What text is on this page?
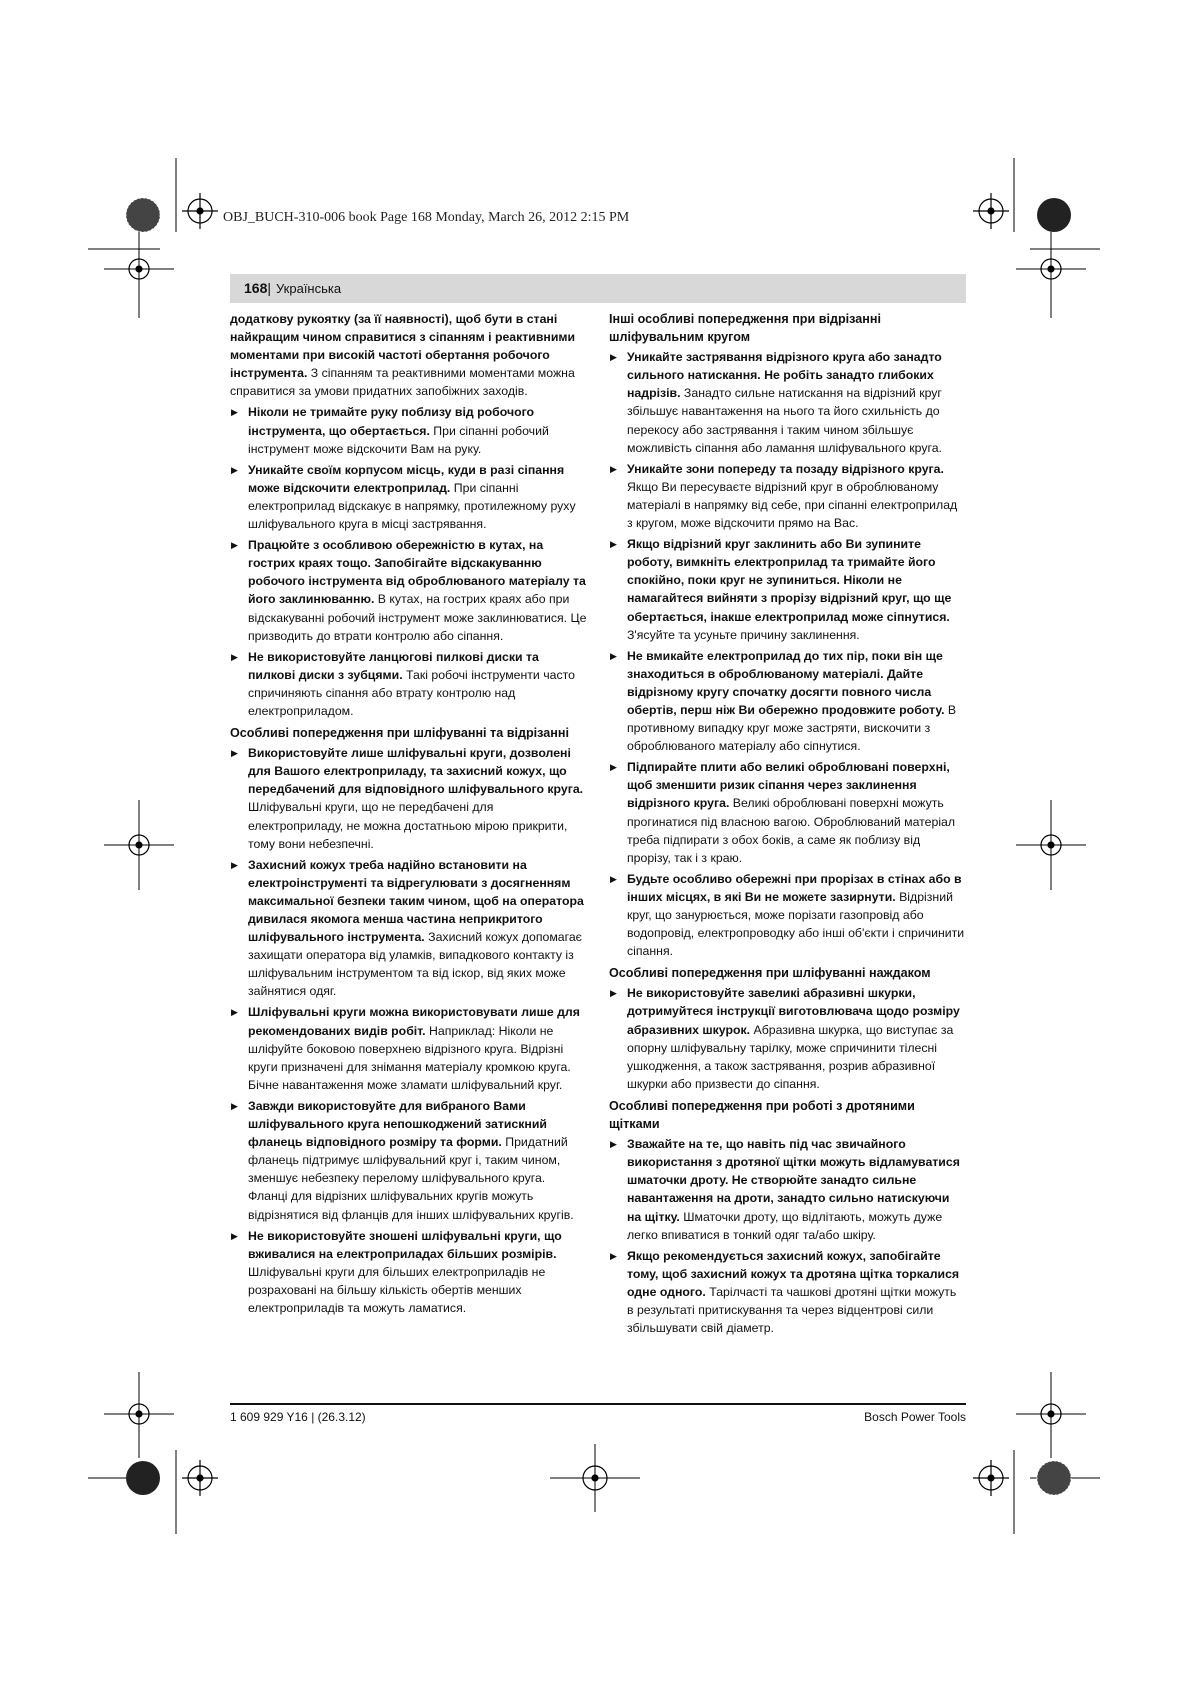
OBJ_BUCH-310-006 book Page 168 Monday, March 26, 2012 2:15 PM
168| Українська

додаткову рукоятку (за її наявності), щоб бути в стані найкращим чином справитися з сіпанням і реактивними моментами при високій частоті обертання робочого інструмента. З сіпанням та реактивними моментами можна справитися за умови придатних запобіжних заходів.

▶ Ніколи не тримайте руку поблизу від робочого інструмента, що обертається. При сіпанні робочий інструмент може відскочити Вам на руку.

▶ Уникайте своїм корпусом місць, куди в разі сіпання може відскочити електроприлад. При сіпанні електроприлад відскакує в напрямку, протилежному руху шліфувального круга в місці застрявання.

▶ Працюйте з особливою обережністю в кутах, на гострих краях тощо. Запобігайте відскакуванню робочого інструмента від оброблюваного матеріалу та його заклинюванню. В кутах, на гострих краях або при відскакуванні робочий інструмент може заклинюватися. Це призводить до втрати контролю або сіпання.

▶ Не використовуйте ланцюгові пилкові диски та пилкові диски з зубцями. Такі робочі інструменти часто спричиняють сіпання або втрату контролю над електроприладом.

Особливі попередження при шліфуванні та відрізанні

▶ Використовуйте лише шліфувальні круги, дозволені для Вашого електроприладу, та захисний кожух, що передбачений для відповідного шліфувального круга. Шліфувальні круги, що не передбачені для електроприладу, не можна достатньою мірою прикрити, тому вони небезпечні.

▶ Захисний кожух треба надійно встановити на електроінструменті та відрегулювати з досягненням максимальної безпеки таким чином, щоб на оператора дивилася якомога менша частина неприкритого шліфувального інструмента. Захисний кожух допомагає захищати оператора від уламків, випадкового контакту із шліфувальним інструментом та від іскор, від яких може зайнятися одяг.

▶ Шліфувальні круги можна використовувати лише для рекомендованих видів робіт. Наприклад: Ніколи не шліфуйте боковою поверхнею відрізного круга. Відрізні круги призначені для знімання матеріалу кромкою круга. Бічне навантаження може зламати шліфувальний круг.

▶ Завжди використовуйте для вибраного Вами шліфувального круга непошкоджений затискний фланець відповідного розміру та форми. Придатний фланець підтримує шліфувальний круг і, таким чином, зменшує небезпеку перелому шліфувального круга. Фланці для відрізних шліфувальних кругів можуть відрізнятися від фланців для інших шліфувальних кругів.

▶ Не використовуйте зношені шліфувальні круги, що вживалися на електроприладах більших розмірів. Шліфувальні круги для більших електроприладів не розраховані на більшу кількість обертів менших електроприладів та можуть ламатися.

Інші особливі попередження при відрізанні шліфувальним кругом

▶ Уникайте застрявання відрізного круга або занадто сильного натискання. Не робіть занадто глибоких надрізів. Занадто сильне натискання на відрізний круг збільшує навантаження на нього та його схильність до перекосу або застрявання і таким чином збільшує можливість сіпання або ламання шліфувального круга.

▶ Уникайте зони попереду та позаду відрізного круга. Якщо Ви пересуваєте відрізний круг в оброблюваному матеріалі в напрямку від себе, при сіпанні електроприлад з кругом, може відскочити прямо на Вас.

▶ Якщо відрізний круг заклинить або Ви зупините роботу, вимкніть електроприлад та тримайте його спокійно, поки круг не зупиниться. Ніколи не намагайтеся вийняти з прорізу відрізний круг, що ще обертається, інакше електроприлад може сіпнутися. З'ясуйте та усуньте причину заклинення.

▶ Не вмикайте електроприлад до тих пір, поки він ще знаходиться в оброблюваному матеріалі. Дайте відрізному кругу спочатку досягти повного числа обертів, перш ніж Ви обережно продовжите роботу. В противному випадку круг може застряти, вискочити з оброблюваного матеріалу або сіпнутися.

▶ Підпирайте плити або великі оброблювані поверхні, щоб зменшити ризик сіпання через заклинення відрізного круга. Великі оброблювані поверхні можуть прогинатися під власною вагою. Оброблюваний матеріал треба підпирати з обох боків, а саме як поблизу від прорізу, так і з краю.

▶ Будьте особливо обережні при прорізах в стінах або в інших місцях, в які Ви не можете зазирнути. Відрізний круг, що занурюється, може порізати газопровід або водопровід, електропроводку або інші об'єкти і спричинити сіпання.

Особливі попередження при шліфуванні наждаком

▶ Не використовуйте завеликі абразивні шкурки, дотримуйтеся інструкції виготовлювача щодо розміру абразивних шкурок. Абразивна шкурка, що виступає за опорну шліфувальну тарілку, може спричинити тілесні ушкодження, а також застрявання, розрив абразивної шкурки або призвести до сіпання.

Особливі попередження при роботі з дротяними щітками

▶ Зважайте на те, що навіть під час звичайного використання з дротяної щітки можуть відламуватися шматочки дроту. Не створюйте занадто сильне навантаження на дроти, занадто сильно натискуючи на щітку. Шматочки дроту, що відлітають, можуть дуже легко впиватися в тонкий одяг та/або шкіру.

▶ Якщо рекомендується захисний кожух, запобігайте тому, щоб захисний кожух та дротяна щітка торкалися одне одного. Тарілчасті та чашкові дротяні щітки можуть в результаті притискування та через відцентрові сили збільшувати свій діаметр.

1 609 929 Y16 | (26.3.12)	Bosch Power Tools
